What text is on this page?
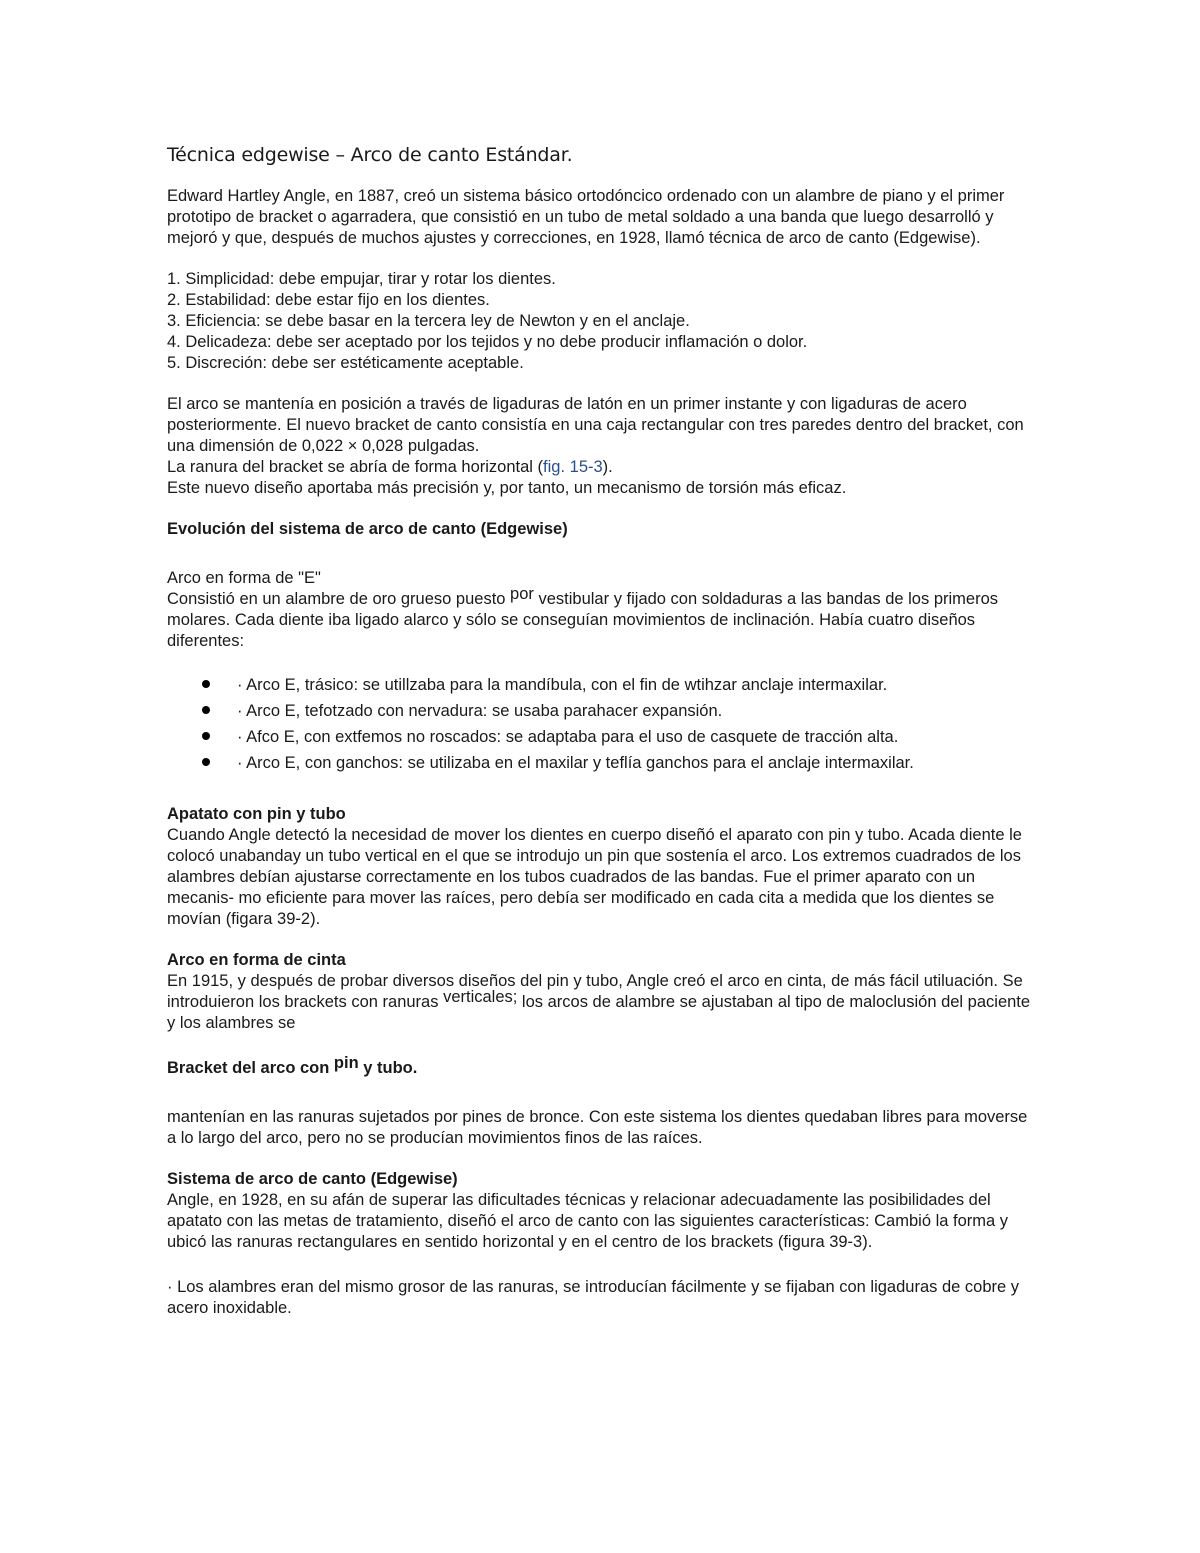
Técnica edgewise – Arco de canto Estándar.

Edward Hartley Angle, en 1887, creó un sistema básico ortodóncico ordenado con un alambre de piano y el primer prototipo de bracket o agarradera, que consistió en un tubo de metal soldado a una banda que luego desarrolló y mejoró y que, después de muchos ajustes y correcciones, en 1928, llamó técnica de arco de canto (Edgewise).

1. Simplicidad: debe empujar, tirar y rotar los dientes.

2. Estabilidad: debe estar fijo en los dientes.

3. Eficiencia: se debe basar en la tercera ley de Newton y en el anclaje.

4. Delicadeza: debe ser aceptado por los tejidos y no debe producir inflamación o dolor.

5. Discreción: debe ser estéticamente aceptable.

El arco se mantenía en posición a través de ligaduras de latón en un primer instante y con ligaduras de acero posteriormente. El nuevo bracket de canto consistía en una caja rectangular con tres paredes dentro del bracket, con una dimensión de 0,022 × 0,028 pulgadas.

La ranura del bracket se abría de forma horizontal (fig. 15-3).

Este nuevo diseño aportaba más precisión y, por tanto, un mecanismo de torsión más eficaz.

Evolución del sistema de arco de canto (Edgewise)

Arco en forma de "E"

Consistió en un alambre de oro grueso puesto por vestibular y fijado con soldaduras a las bandas de los primeros molares. Cada diente iba ligado alarco y sólo se conseguían movimientos de inclinación. Había cuatro diseños diferentes:

· Arco E, trásico: se utillzaba para la mandíbula, con el fin de wtihzar anclaje intermaxilar.
· Arco E, tefotzado con nervadura: se usaba parahacer expansión.
· Afco E, con extfemos no roscados: se adaptaba para el uso de casquete de tracción alta.
· Arco E, con ganchos: se utilizaba en el maxilar y teflía ganchos para el anclaje intermaxilar.

Apatato con pin y tubo

Cuando Angle detectó la necesidad de mover los dientes en cuerpo diseñó el aparato con pin y tubo. Acada diente le colocó unabanday un tubo vertical en el que se introdujo un pin que sostenía el arco. Los extremos cuadrados de los alambres debían ajustarse correctamente en los tubos cuadrados de las bandas. Fue el primer aparato con un mecanis- mo eficiente para mover las raíces, pero debía ser modificado en cada cita a medida que los dientes se movían (figara 39-2).

Arco en forma de cinta

En 1915, y después de probar diversos diseños del pin y tubo, Angle creó el arco en cinta, de más fácil utiluación. Se introduieron los brackets con ranuras verticales; los arcos de alambre se ajustaban al tipo de maloclusión del paciente y los alambres se

Bracket del arco con pin y tubo.

mantenían en las ranuras sujetados por pines de bronce. Con este sistema los dientes quedaban libres para moverse a lo largo del arco, pero no se producían movimientos finos de las raíces.

Sistema de arco de canto (Edgewise)

Angle, en 1928, en su afán de superar las dificultades técnicas y relacionar adecuadamente las posibilidades del apatato con las metas de tratamiento, diseñó el arco de canto con las siguientes características: Cambió la forma y ubicó las ranuras rectangulares en sentido horizontal y en el centro de los brackets (figura 39-3).

· Los alambres eran del mismo grosor de las ranuras, se introducían fácilmente y se fijaban con ligaduras de cobre y acero inoxidable.
